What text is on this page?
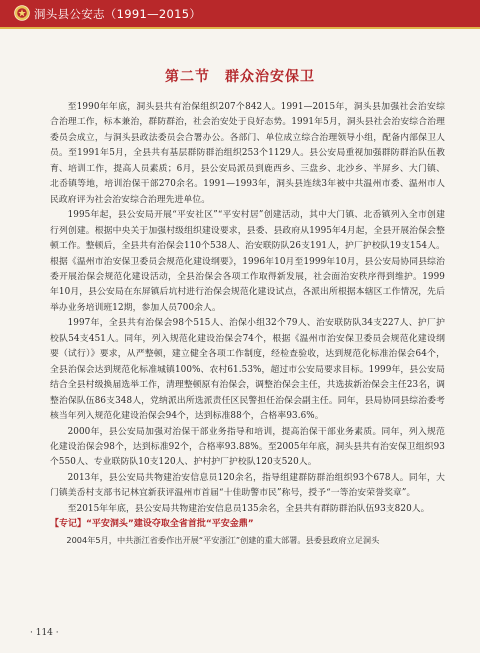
洞头县公安志（1991—2015）
第二节　群众治安保卫

至1990年年底，洞头县共有治保组织207个842人。1991—2015年，洞头县加强社会治安综合治理工作，标本兼治，群防群治，社会治安处于良好态势。1991年5月，洞头县社会治安综合治理委员会成立，与洞头县政法委员会合署办公。各部门、单位成立综合治理领导小组，配备内部保卫人员。至1991年5月，全县共有基层群防群治组织253个1129人。县公安局重视加强群防群治队伍教育、培训工作，提高人员素质；6月，县公安局派员到鹿西乡、三盘乡、北沙乡、半屏乡、大门镇、北岙镇等地，培训治保干部270余名。1991—1993年，洞头县连续3年被中共温州市委、温州市人民政府评为社会治安综合治理先进单位。

1995年起，县公安局开展“平安社区”“平安村居”创建活动，其中大门镇、北岙镇列入全市创建行列创建。根据中央关于加强村级组织建设要求，县委、县政府从1995年4月起，全县开展治保会整顿工作。整顿后，全县共有治保会110个538人、治安联防队26支191人，护厂护校队19支154人。根据《温州市治安保卫委员会规范化建设纲要》，1996年10月至1999年10月，县公安局协同县综治委开展治保会规范化建设活动，全县治保会各项工作取得新发展，社会面治安秩序得到维护。1999年10月，县公安局在东屏镇后坑村进行治保会规范化建设试点，各派出所根据本辖区工作情况，先后举办业务培训班12期，参加人员700余人。

1997年，全县共有治保会98个515人、治保小组32个79人、治安联防队34支227人、护厂护校队54支451人。同年，列入规范化建设治保会74个，根据《温州市治安保卫委员会规范化建设纲要（试行）》要求，从严整顿，建立健全各项工作制度，经检查验收，达到规范化标准治保会64个，全县治保会达到规范化标准城镇100%、农村61.53%，超过市公安局要求目标。1999年，县公安局结合全县村级换届选举工作，清理整顿原有治保会，调整治保会主任，共选拔新治保会主任23名，调整治保队伍86支348人，党纳派出所选派责任区民警担任治保会副主任。同年，县局协同县综治委考核当年列入规范化建设治保会94个，达到标准88个，合格率93.6%。

2000年，县公安局加强对治保干部业务指导和培训，提高治保干部业务素质。同年，列入规范化建设治保会98个，达到标准92个，合格率93.88%。至2005年年底，洞头县共有治安保卫组织93个550人、专业联防队10支120人、护村护厂护校队120支520人。

2013年，县公安局共物建治安信息员120余名，指导组建群防群治组织93个678人。同年，大门镇美岙村支部书记林宜新获评温州市首届“十佳助警市民”称号，授予“一等治安荣誉奖章”。

至2015年年底，县公安局共物建治安信息员135余名，全县共有群防群治队伍93支820人。

【专记】“平安洞头”建设夺取全省首批“平安金鼎”

2004年5月，中共浙江省委作出开展“平安浙江”创建的重大部署。县委县政府立足洞头

· 114 ·
